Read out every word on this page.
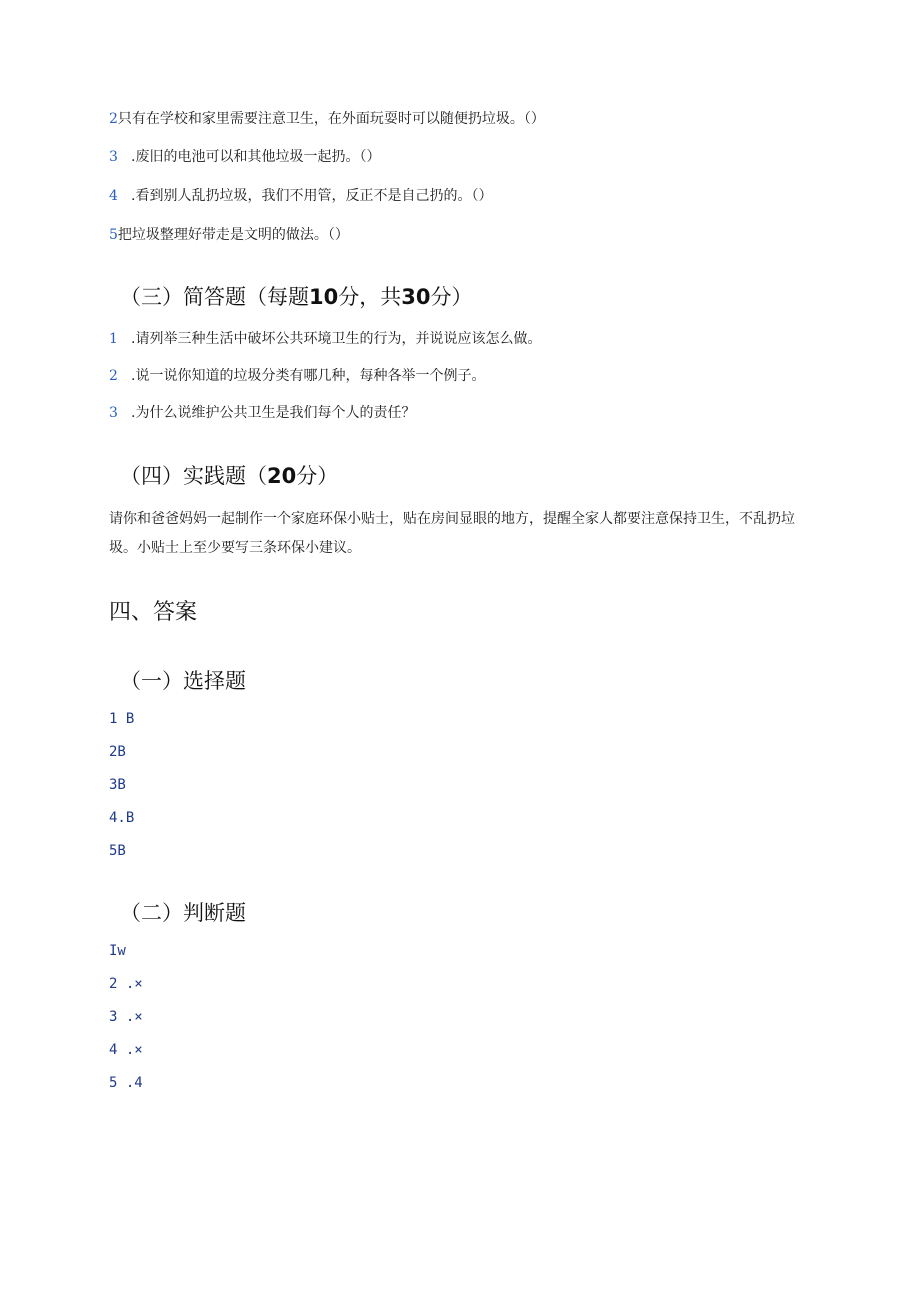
2只有在学校和家里需要注意卫生，在外面玩耍时可以随便扔垃圾。（）
3 .废旧的电池可以和其他垃圾一起扔。（）
4 .看到别人乱扔垃圾，我们不用管，反正不是自己扔的。（）
5把垃圾整理好带走是文明的做法。（）
（三）简答题（每题10分，共30分）
1 .请列举三种生活中破坏公共环境卫生的行为，并说说应该怎么做。
2 .说一说你知道的垃圾分类有哪几种，每种各举一个例子。
3 .为什么说维护公共卫生是我们每个人的责任？
（四）实践题（20分）
请你和爸爸妈妈一起制作一个家庭环保小贴士，贴在房间显眼的地方，提醒全家人都要注意保持卫生，不乱扔垃圾。小贴士上至少要写三条环保小建议。
四、答案
（一）选择题
1 B
2B
3B
4.B
5B
（二）判断题
Iw
2 .×
3 .×
4 .×
5 .4
